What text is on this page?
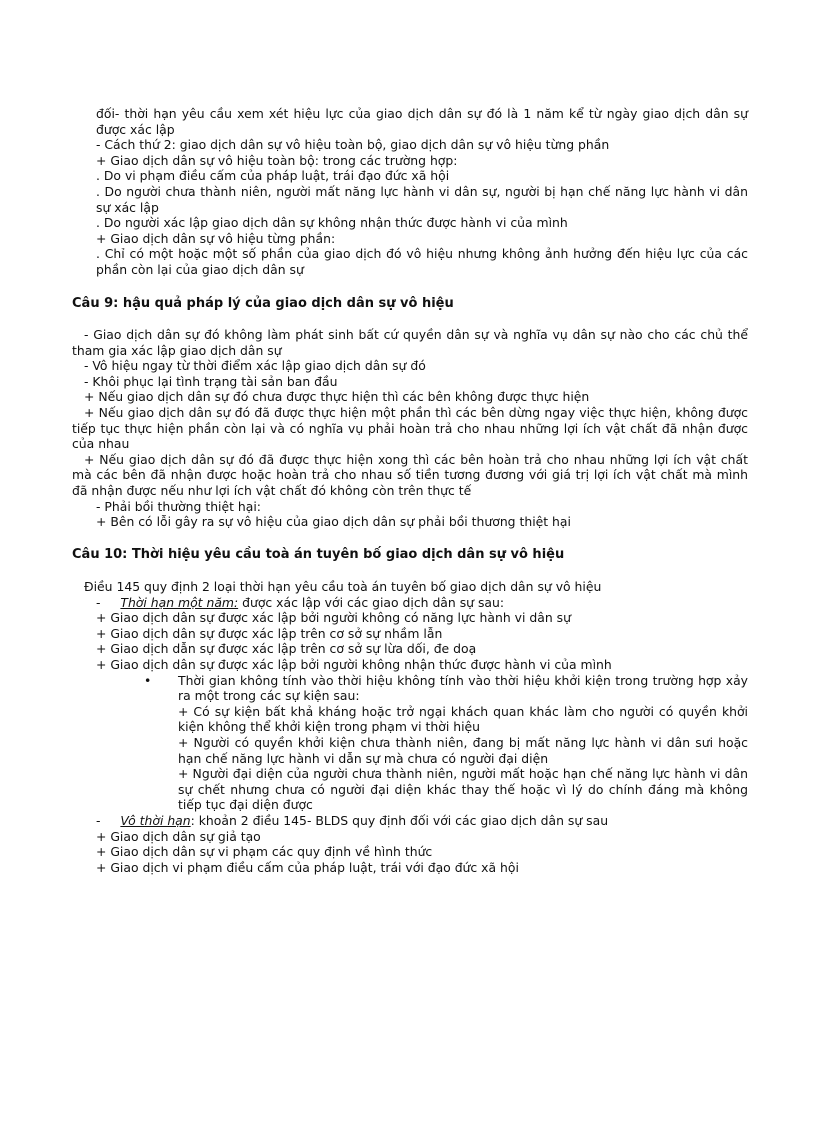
đối- thời hạn yêu cầu xem xét hiệu lực của giao dịch dân sự đó là 1 năm kể từ ngày giao dịch dân sự được xác lập

- Cách thứ 2: giao dịch dân sự vô hiệu toàn bộ, giao dịch dân sự vô hiệu từng phần

+ Giao dịch dân sự vô hiệu toàn bộ: trong các trường hợp:

. Do vi phạm điều cấm của pháp luật, trái đạo đức xã hội

. Do người chưa thành niên, người mất năng lực hành vi dân sự, người bị hạn chế năng lực hành vi dân sự xác lập

. Do người xác lập giao dịch dân sự không nhận thức được hành vi của mình

+ Giao dịch dân sự vô hiệu từng phần:

. Chỉ có một hoặc một số phần của giao dịch đó vô hiệu nhưng không ảnh hưởng đến hiệu lực của các phần còn lại của giao dịch dân sự

Câu 9: hậu quả pháp lý của giao dịch dân sự vô hiệu

- Giao dịch dân sự đó không làm phát sinh bất cứ quyền dân sự và nghĩa vụ dân sự nào cho các chủ thể tham gia xác lập giao dịch dân sự

- Vô hiệu ngay từ thời điểm xác lập giao dịch dân sự đó

- Khôi phục lại tình trạng tài sản ban đầu

+ Nếu giao dịch dân sự đó chưa được thực hiện thì các bên không được thực hiện

+ Nếu giao dịch dân sự đó đã được thực hiện một phần thì các bên dừng ngay việc thực hiện, không được tiếp tục thực hiện phần còn lại và có nghĩa vụ phải hoàn trả cho nhau những lợi ích vật chất đã nhận được của nhau

+ Nếu giao dịch dân sự đó đã được thực hiện xong thì các bên hoàn trả cho nhau những lợi ích vật chất mà các bên đã nhận được hoặc hoàn trả cho nhau số tiền tương đương với giá trị lợi ích vật chất mà mình đã nhận được nếu như lợi ích vật chất đó không còn trên thực tế

- Phải bồi thường thiệt hại:

+ Bên có lỗi gây ra sự vô hiệu của giao dịch dân sự phải bồi thương thiệt hại

Câu 10: Thời hiệu yêu cầu toà án tuyên bố giao dịch dân sự vô hiệu

Điều 145 quy định 2 loại thời hạn yêu cầu toà án tuyên bố giao dịch dân sự vô hiệu

- Thời hạn một năm: được xác lập với các giao dịch dân sự sau:

+ Giao dịch dân sự được xác lập bởi người không có năng lực hành vi dân sự

+ Giao dịch dân sự được xác lập trên cơ sở sự nhầm lẫn

+ Giao dịch dẫn sự được xác lập trên cơ sở sự lừa dối, đe doạ

+ Giao dịch dân sự được xác lập bởi người không nhận thức được hành vi của mình

• Thời gian không tính vào thời hiệu không tính vào thời hiệu khởi kiện trong trường hợp xảy ra một trong các sự kiện sau:

+ Có sự kiện bất khả kháng hoặc trở ngại khách quan khác làm cho người có quyền khởi kiện không thể khởi kiện trong phạm vi thời hiệu

+ Người có quyền khởi kiện chưa thành niên, đang bị mất năng lực hành vi dân sưi hoặc hạn chế năng lực hành vi dẫn sự mà chưa có người đại diện

+ Người đại diện của người chưa thành niên, người mất hoặc hạn chế năng lực hành vi dân sự chết nhưng chưa có người đại diện khác thay thế hoặc vì lý do chính đáng mà không tiếp tục đại diện được

- Vô thời hạn: khoản 2 điều 145- BLDS quy định đối với các giao dịch dân sự sau

+ Giao dịch dân sự giả tạo

+ Giao dịch dân sự vi phạm các quy định về hình thức

+ Giao dịch vi phạm điều cấm của pháp luật, trái với đạo đức xã hội
